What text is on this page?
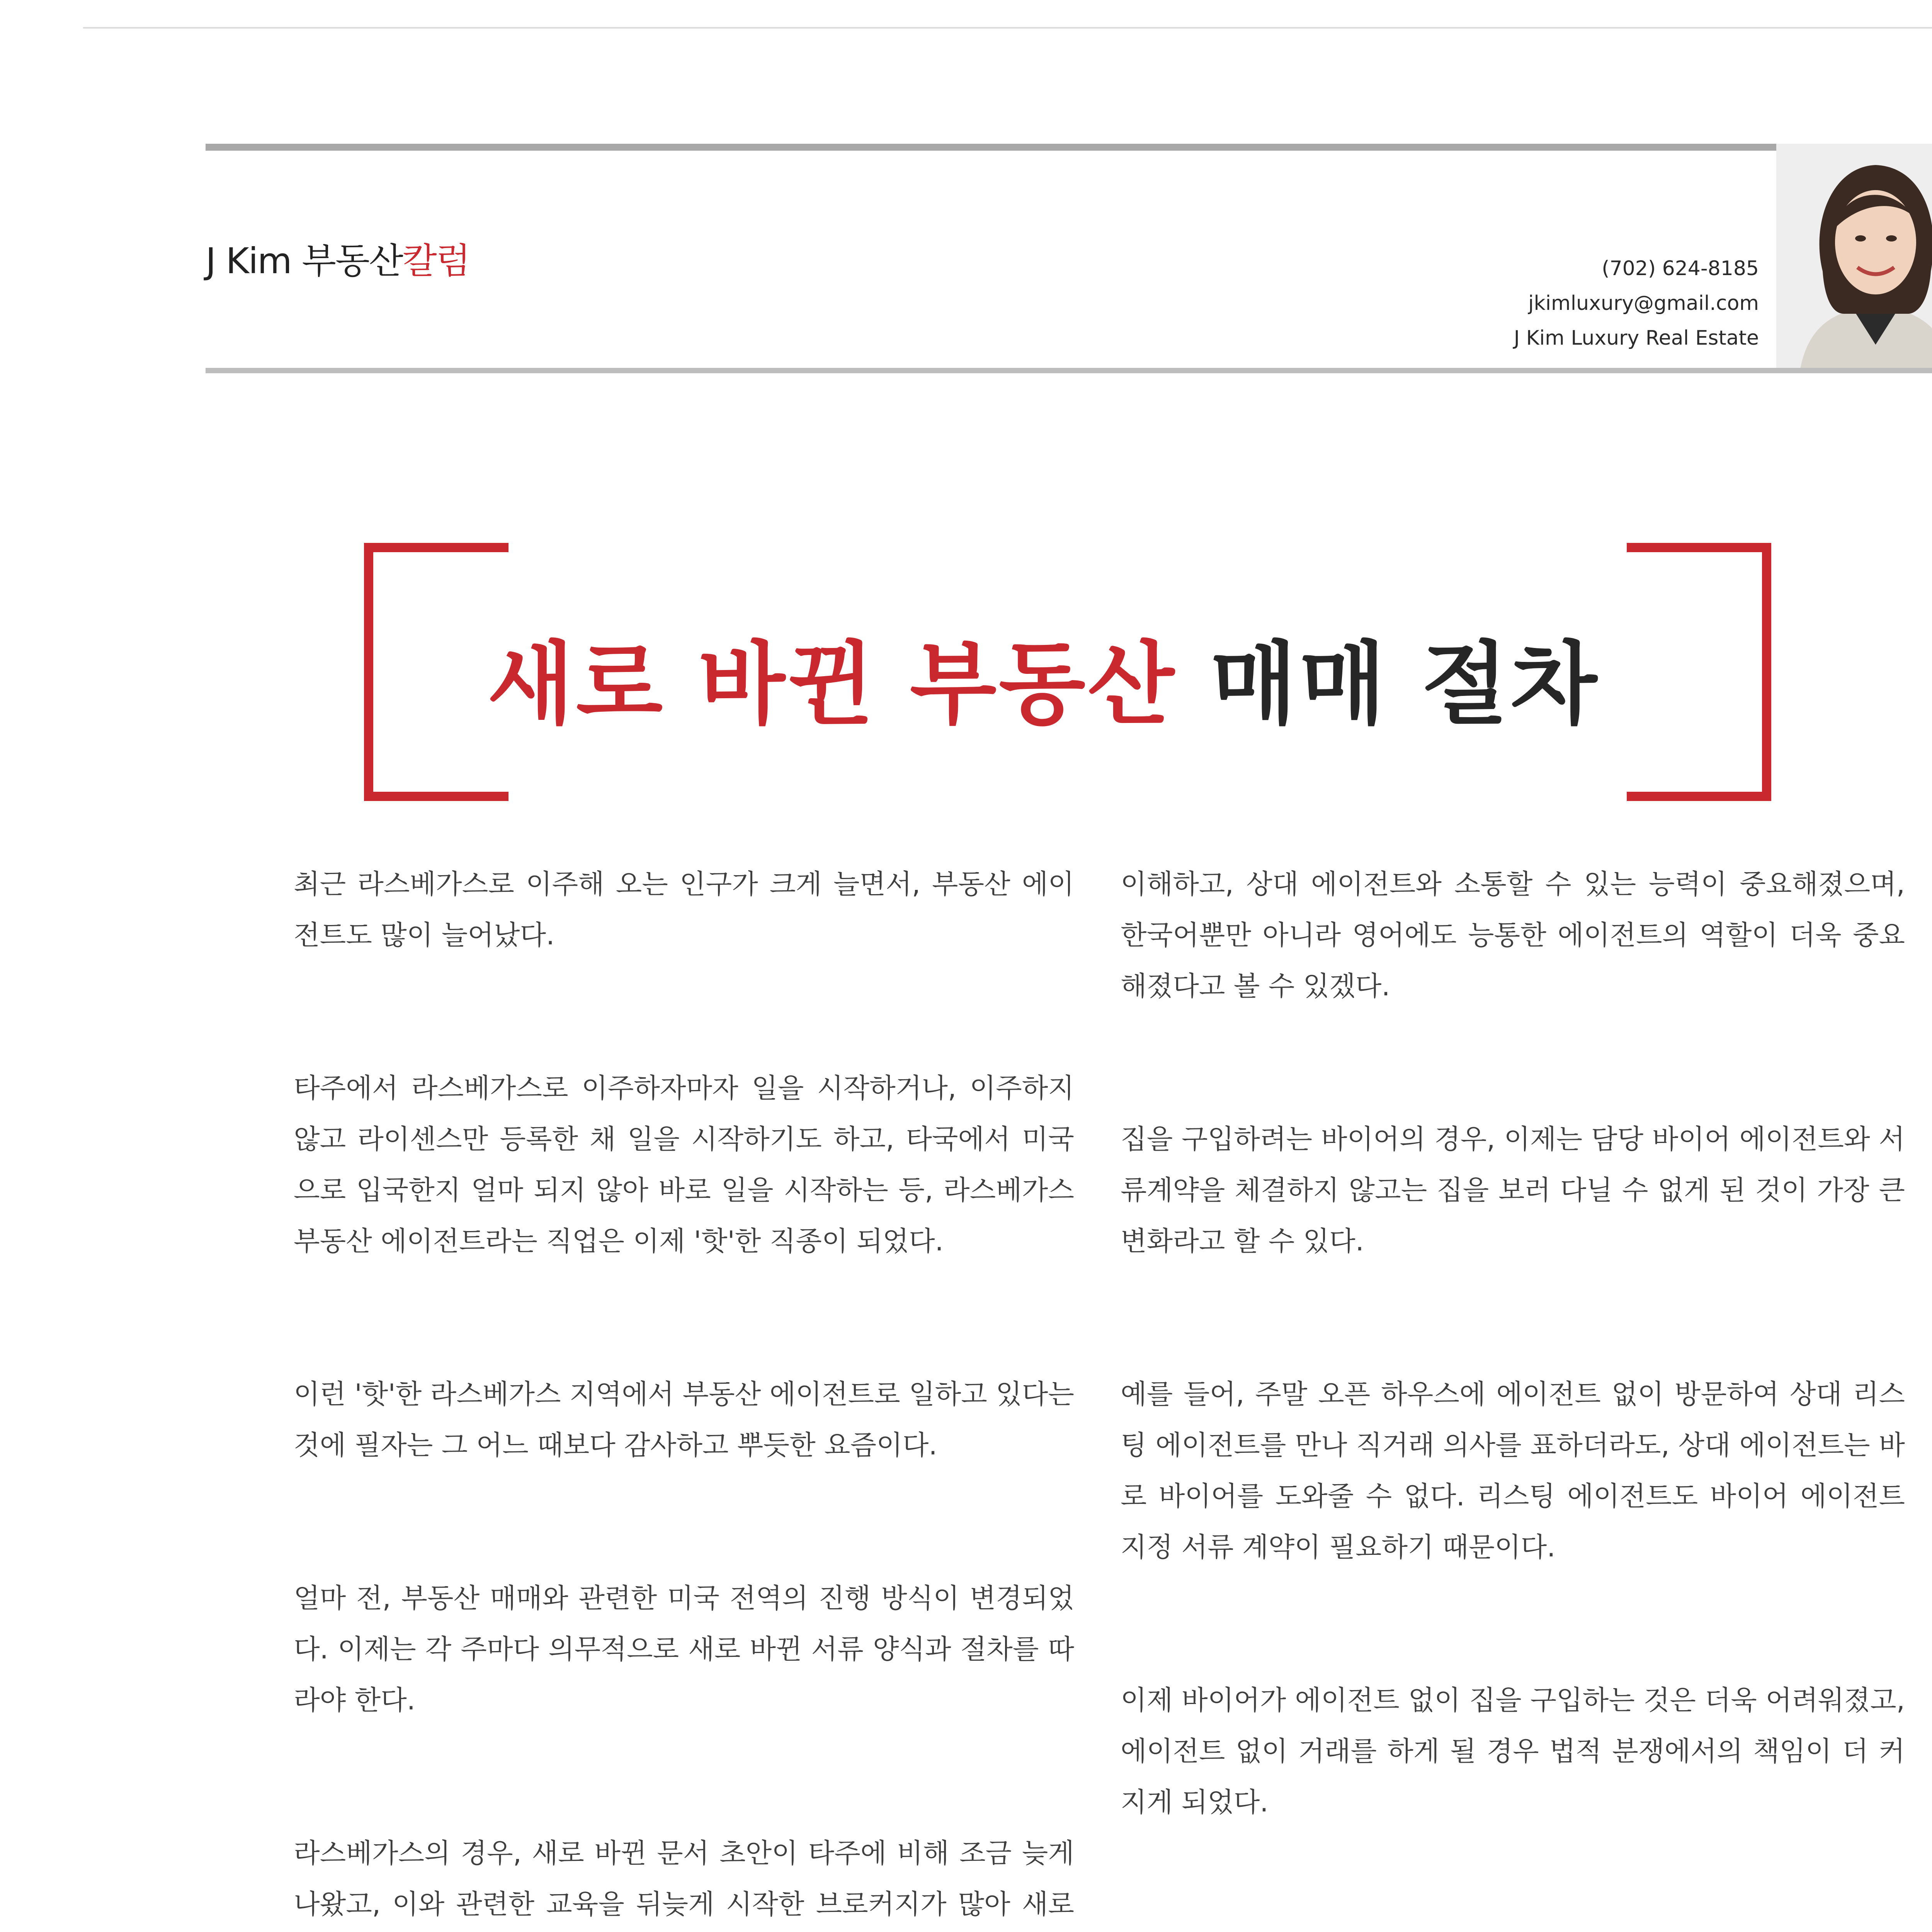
J Kim 부동산칼럼	(702) 624-8185
jkimluxury@gmail.com
J Kim Luxury Real Estate
새로 바뀐 부동산 매매 절차

최근 라스베가스로 이주해 오는 인구가 크게 늘면서, 부동산 에이전트도 많이 늘어났다.

타주에서 라스베가스로 이주하자마자 일을 시작하거나, 이주하지 않고 라이센스만 등록한 채 일을 시작하기도 하고, 타국에서 미국으로 입국한지 얼마 되지 않아 바로 일을 시작하는 등, 라스베가스 부동산 에이전트라는 직업은 이제 '핫'한 직종이 되었다.

이런 '핫'한 라스베가스 지역에서 부동산 에이전트로 일하고 있다는 것에 필자는 그 어느 때보다 감사하고 뿌듯한 요즘이다.

얼마 전, 부동산 매매와 관련한 미국 전역의 진행 방식이 변경되었다. 이제는 각 주마다 의무적으로 새로 바뀐 서류 양식과 절차를 따라야 한다.

라스베가스의 경우, 새로 바뀐 문서 초안이 타주에 비해 조금 늦게 나왔고, 이와 관련한 교육을 뒤늦게 시작한 브로커지가 많아 새로

이해하고, 상대 에이전트와 소통할 수 있는 능력이 중요해졌으며, 한국어뿐만 아니라 영어에도 능통한 에이전트의 역할이 더욱 중요해졌다고 볼 수 있겠다.

집을 구입하려는 바이어의 경우, 이제는 담당 바이어 에이전트와 서류계약을 체결하지 않고는 집을 보러 다닐 수 없게 된 것이 가장 큰 변화라고 할 수 있다.

예를 들어, 주말 오픈 하우스에 에이전트 없이 방문하여 상대 리스팅 에이전트를 만나 직거래 의사를 표하더라도, 상대 에이전트는 바로 바이어를 도와줄 수 없다. 리스팅 에이전트도 바이어 에이전트 지정 서류 계약이 필요하기 때문이다.

이제 바이어가 에이전트 없이 집을 구입하는 것은 더욱 어려워졌고, 에이전트 없이 거래를 하게 될 경우 법적 분쟁에서의 책임이 더 커지게 되었다.
